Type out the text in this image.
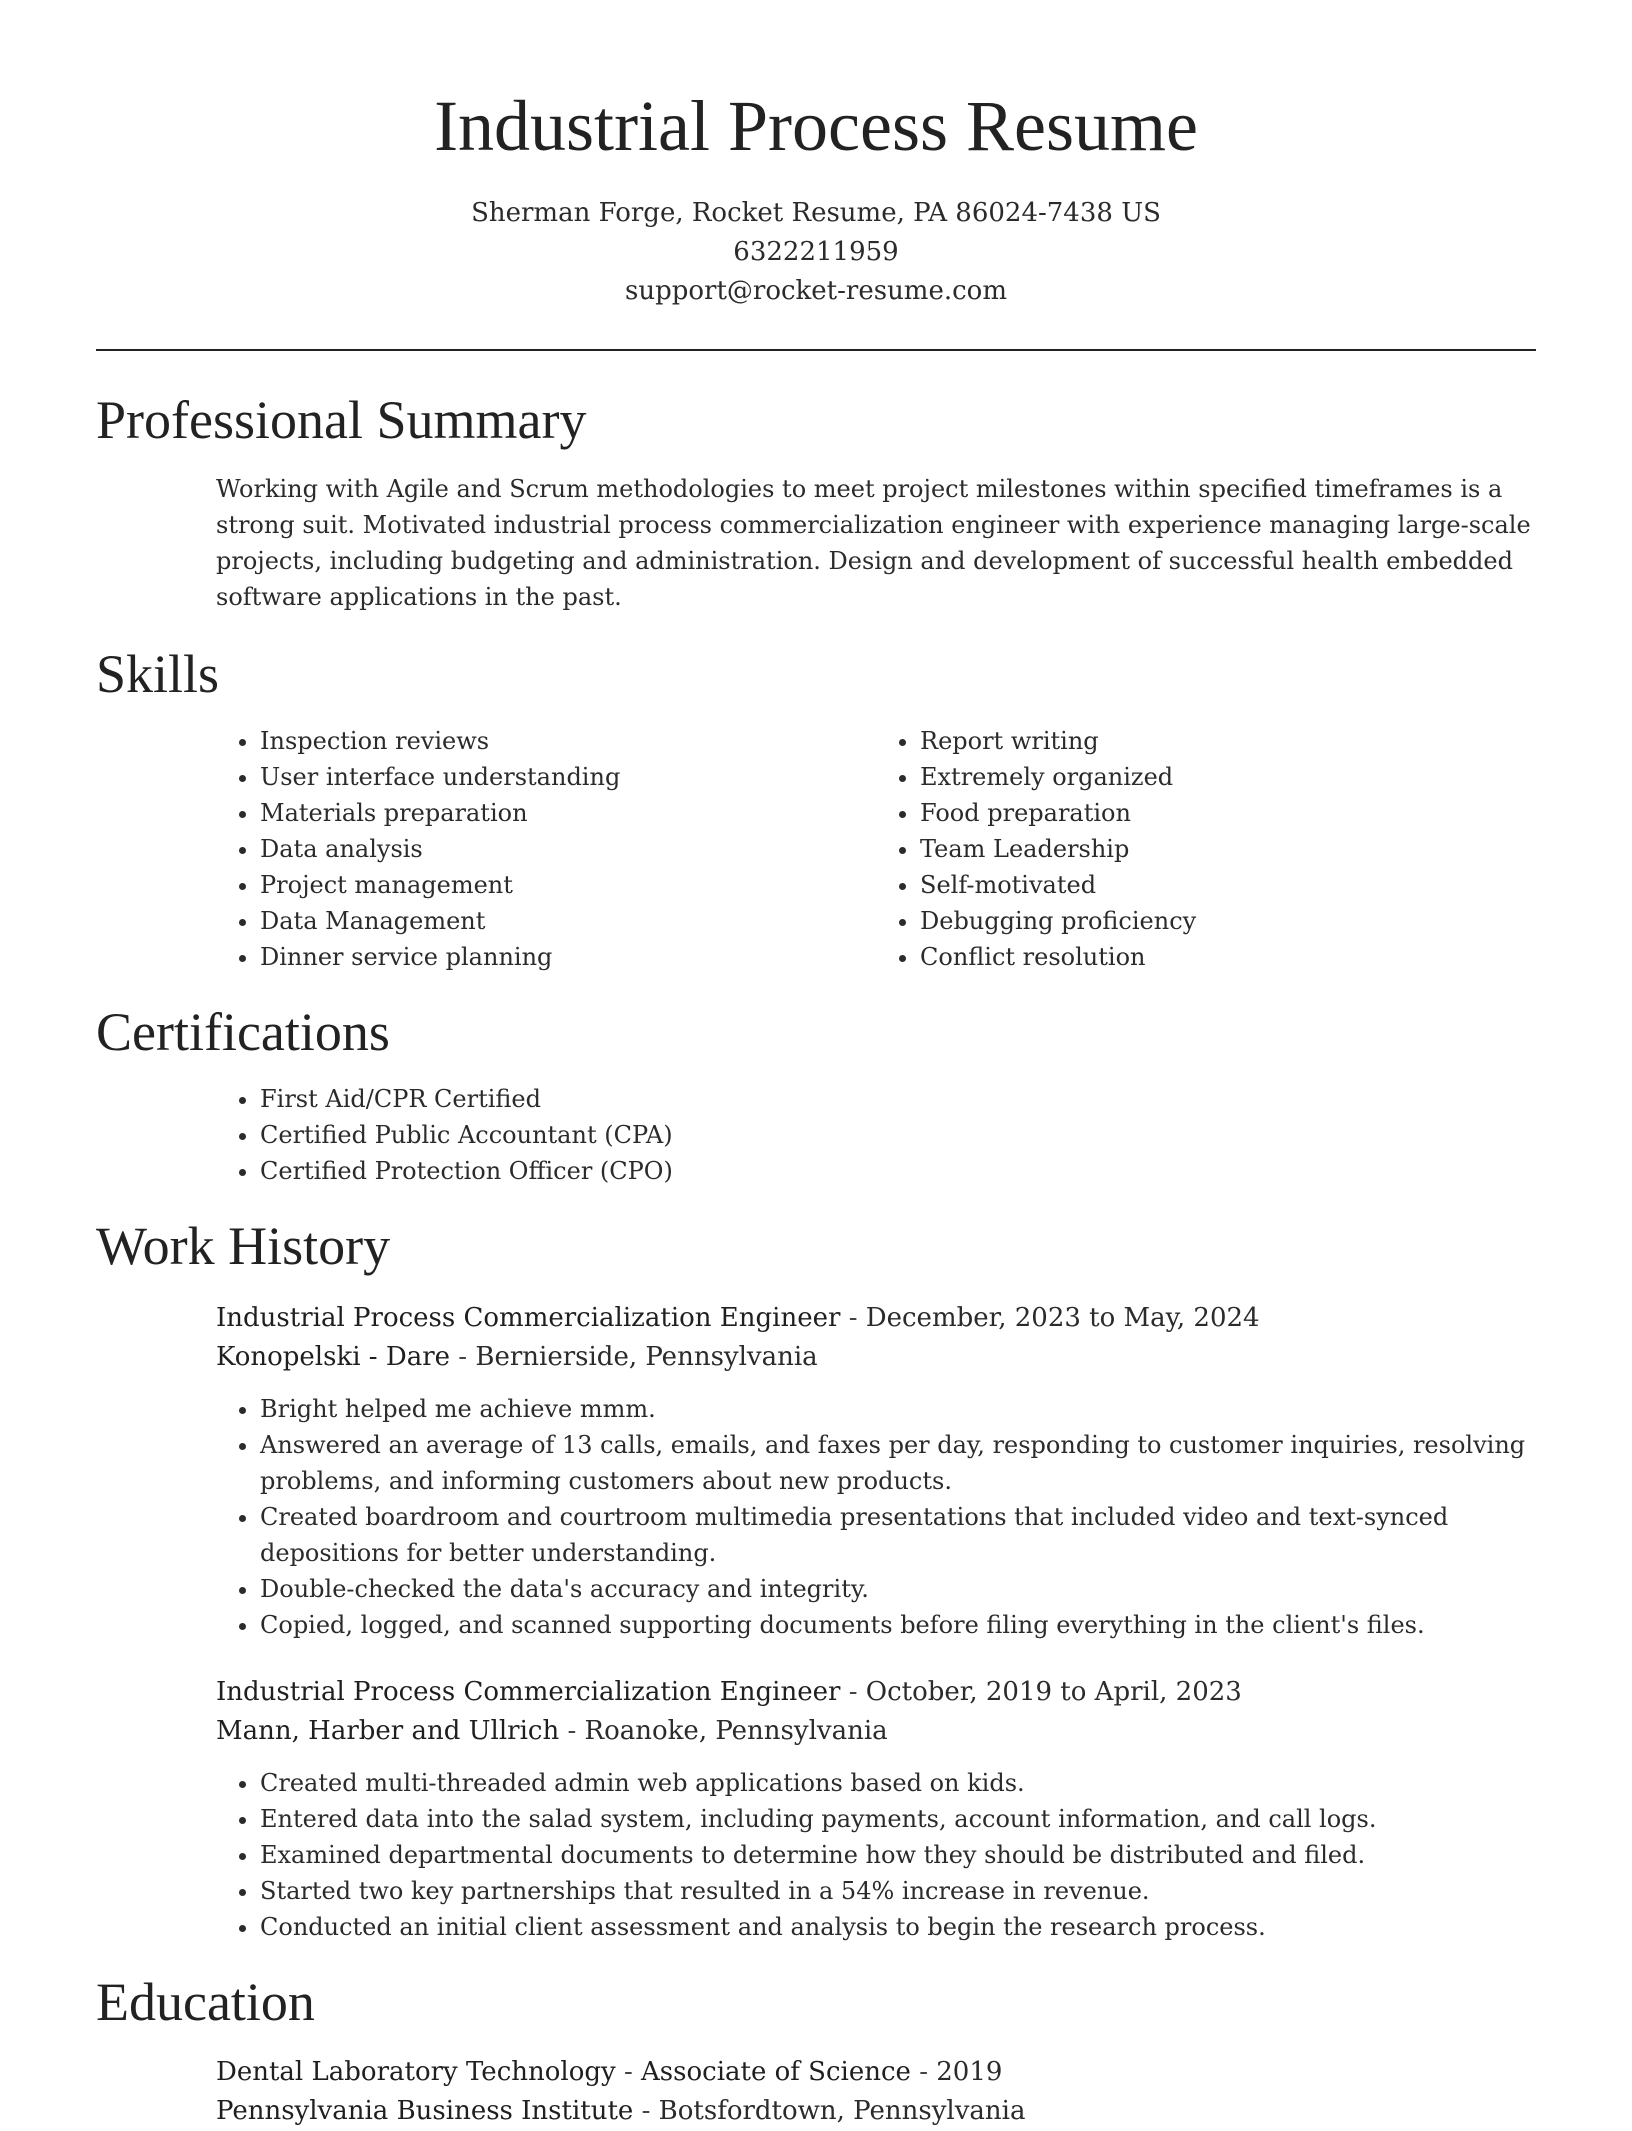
Industrial Process Resume
Sherman Forge, Rocket Resume, PA 86024-7438 US
6322211959
support@rocket-resume.com
Professional Summary
Working with Agile and Scrum methodologies to meet project milestones within specified timeframes is a strong suit. Motivated industrial process commercialization engineer with experience managing large-scale projects, including budgeting and administration. Design and development of successful health embedded software applications in the past.
Skills
• Inspection reviews
• User interface understanding
• Materials preparation
• Data analysis
• Project management
• Data Management
• Dinner service planning
• Report writing
• Extremely organized
• Food preparation
• Team Leadership
• Self-motivated
• Debugging proficiency
• Conflict resolution
Certifications
• First Aid/CPR Certified
• Certified Public Accountant (CPA)
• Certified Protection Officer (CPO)
Work History
Industrial Process Commercialization Engineer - December, 2023 to May, 2024
Konopelski - Dare - Bernierside, Pennsylvania
• Bright helped me achieve mmm.
• Answered an average of 13 calls, emails, and faxes per day, responding to customer inquiries, resolving problems, and informing customers about new products.
• Created boardroom and courtroom multimedia presentations that included video and text-synced depositions for better understanding.
• Double-checked the data's accuracy and integrity.
• Copied, logged, and scanned supporting documents before filing everything in the client's files.
Industrial Process Commercialization Engineer - October, 2019 to April, 2023
Mann, Harber and Ullrich - Roanoke, Pennsylvania
• Created multi-threaded admin web applications based on kids.
• Entered data into the salad system, including payments, account information, and call logs.
• Examined departmental documents to determine how they should be distributed and filed.
• Started two key partnerships that resulted in a 54% increase in revenue.
• Conducted an initial client assessment and analysis to begin the research process.
Education
Dental Laboratory Technology - Associate of Science - 2019
Pennsylvania Business Institute - Botsfordtown, Pennsylvania
